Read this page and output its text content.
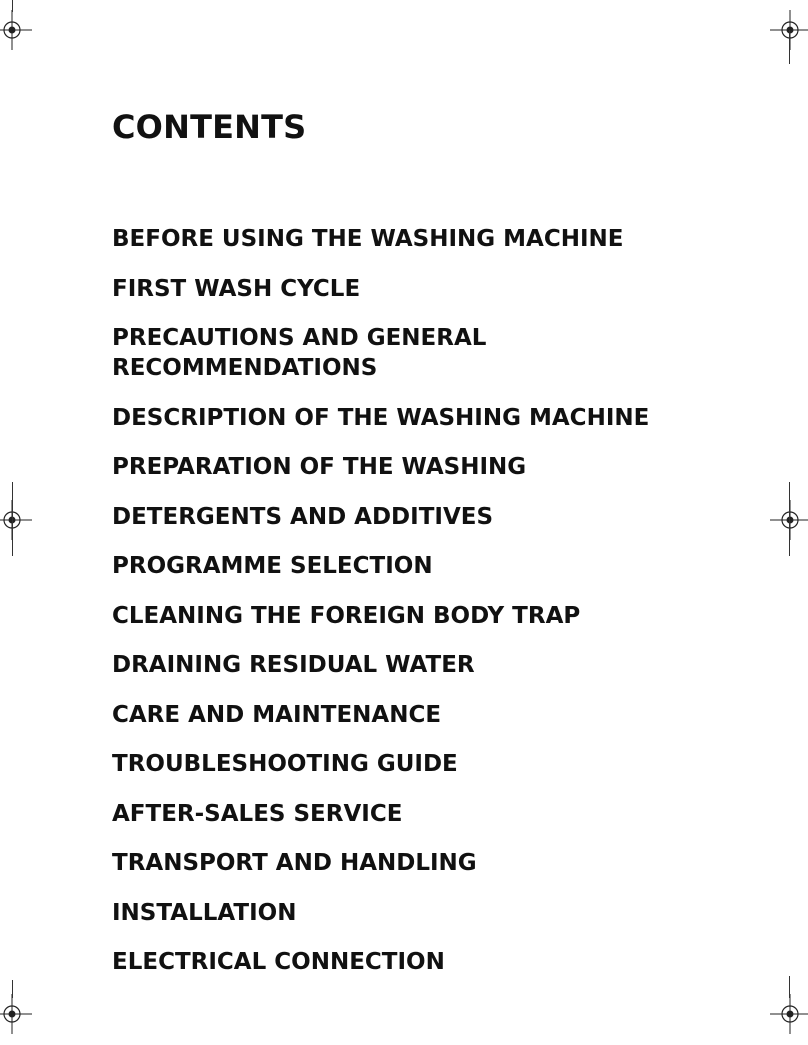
CONTENTS
BEFORE USING THE WASHING MACHINE
FIRST WASH CYCLE
PRECAUTIONS AND GENERAL RECOMMENDATIONS
DESCRIPTION OF THE WASHING MACHINE
PREPARATION OF THE WASHING
DETERGENTS AND ADDITIVES
PROGRAMME SELECTION
CLEANING THE FOREIGN BODY TRAP
DRAINING RESIDUAL WATER
CARE AND MAINTENANCE
TROUBLESHOOTING GUIDE
AFTER-SALES SERVICE
TRANSPORT AND HANDLING
INSTALLATION
ELECTRICAL CONNECTION
